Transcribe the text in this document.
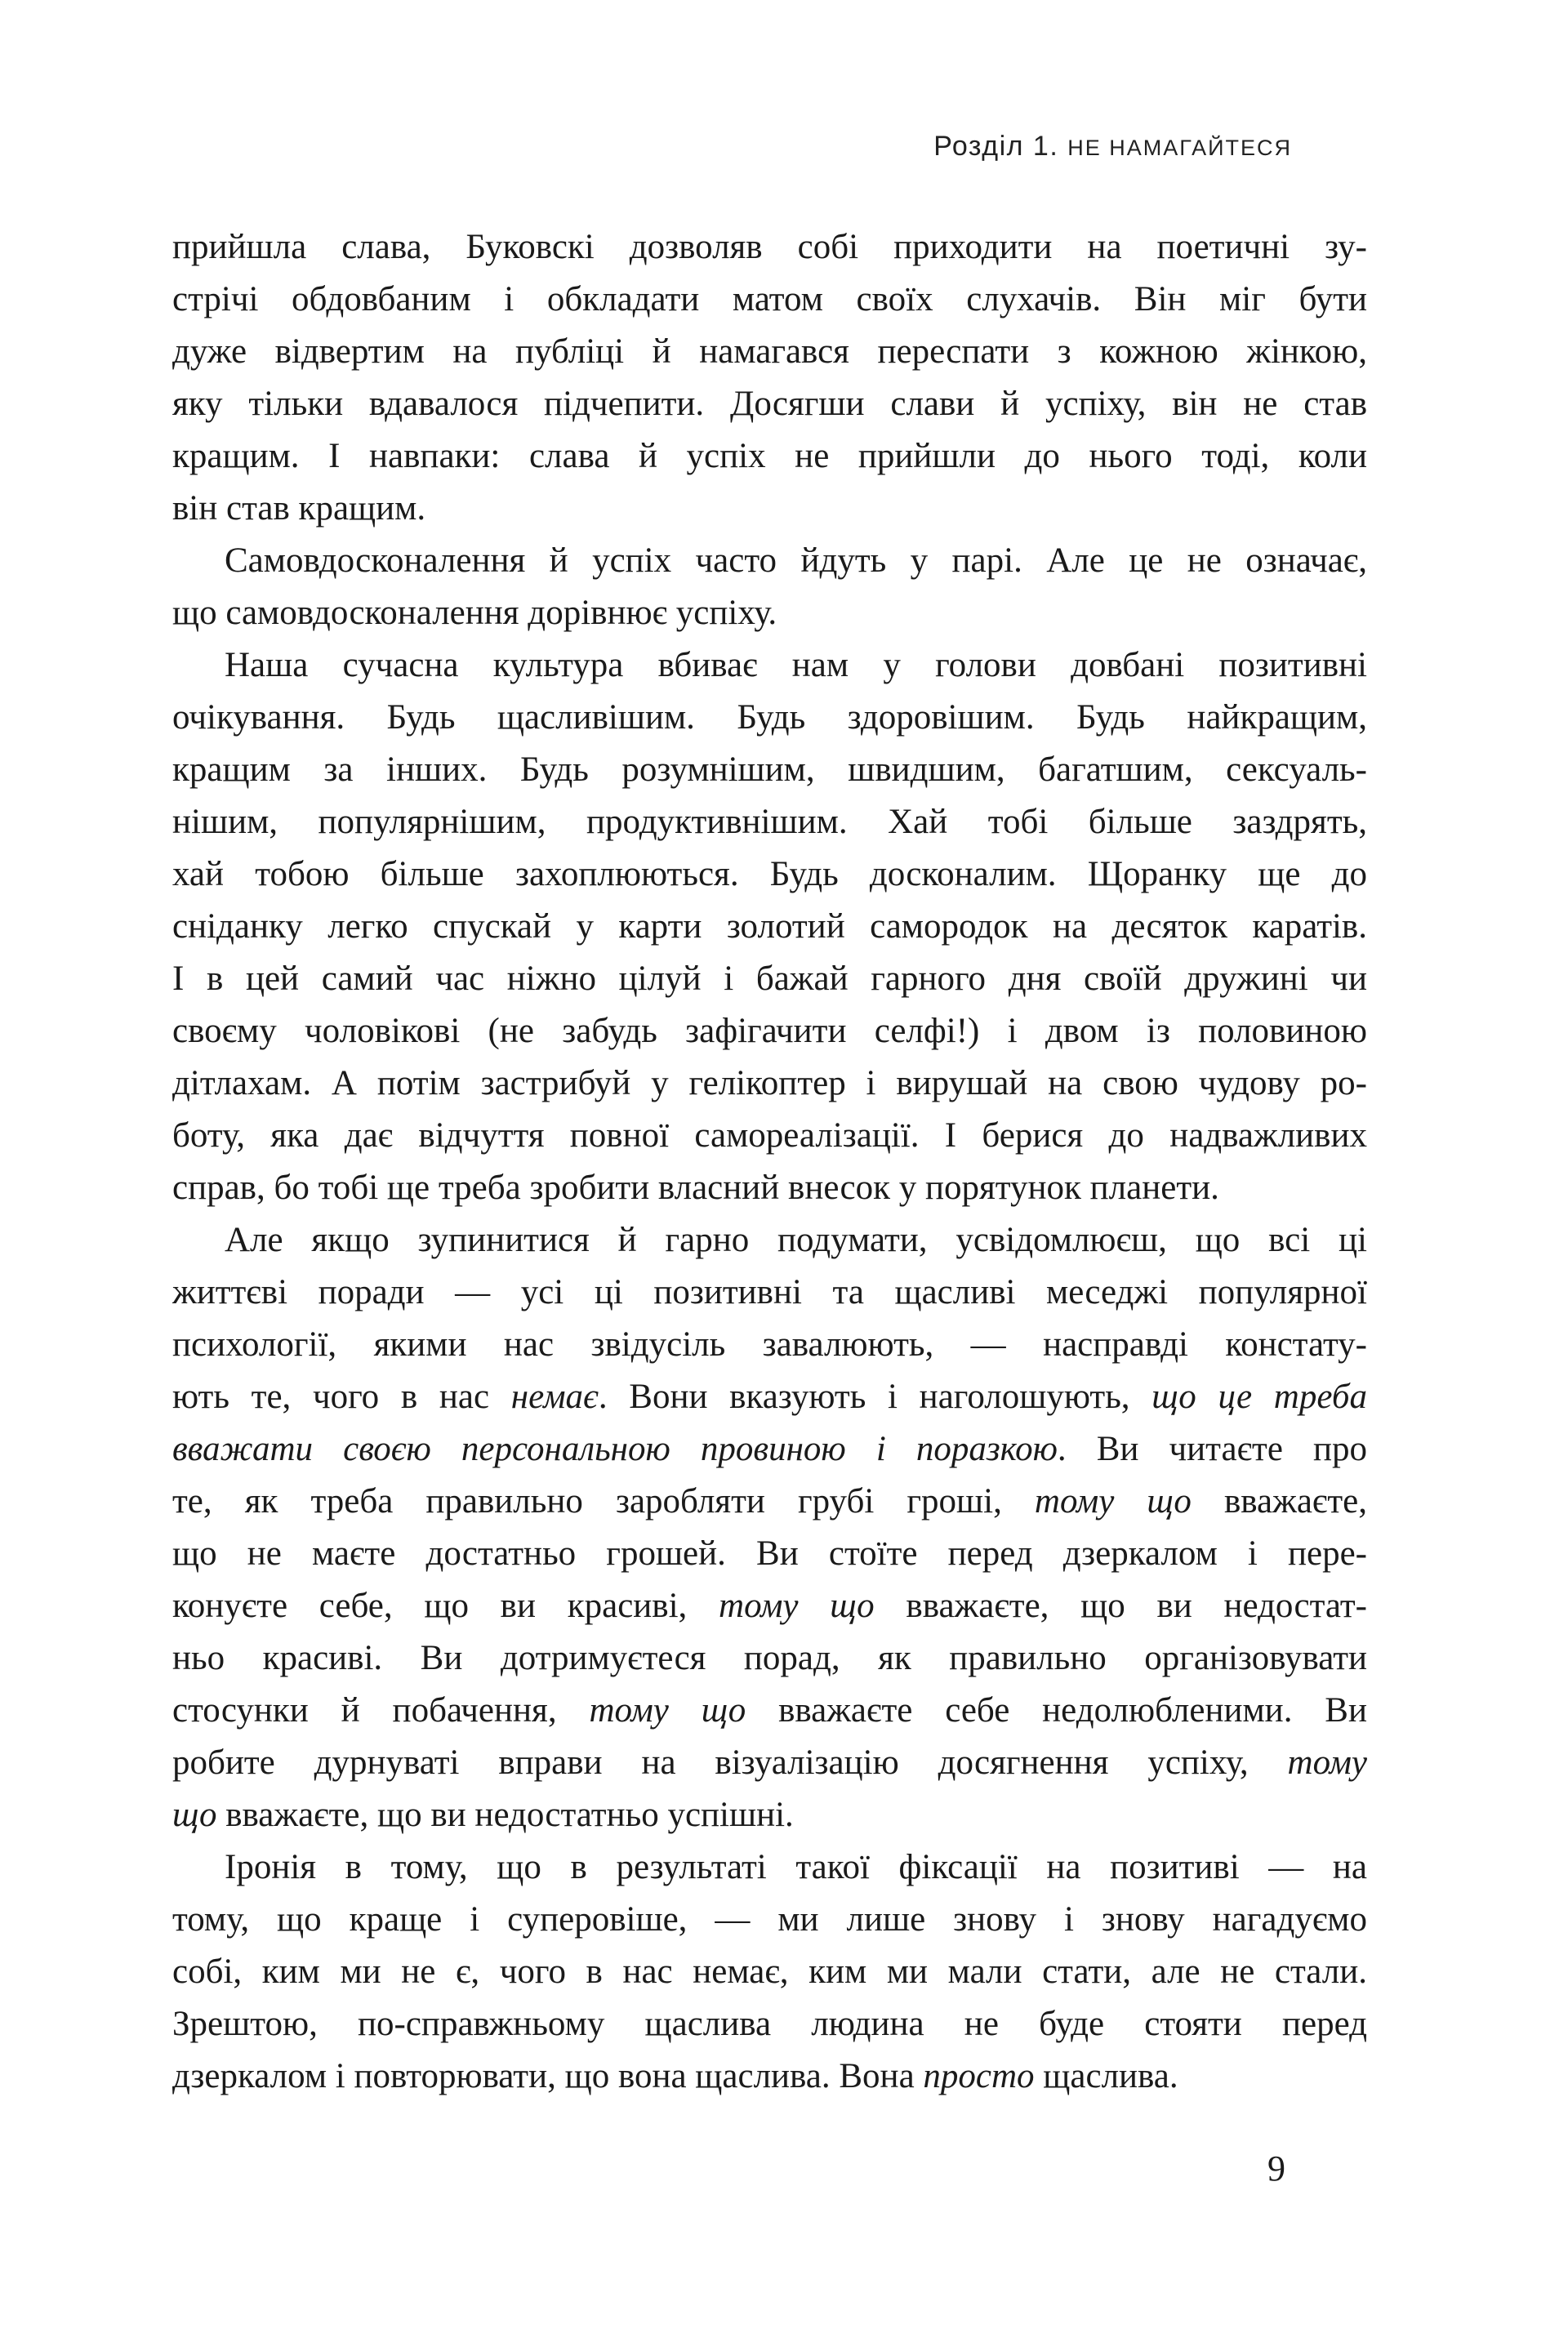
Розділ 1. НЕ НАМАГАЙТЕСЯ
прийшла слава, Буковскі дозволяв собі приходити на поетичні зу-
стрічі обдовбаним і обкладати матом своїх слухачів. Він міг бути
дуже відвертим на публіці й намагався переспати з кожною жінкою,
яку тільки вдавалося підчепити. Досягши слави й успіху, він не став
кращим. І навпаки: слава й успіх не прийшли до нього тоді, коли
він став кращим.
Самовдосконалення й успіх часто йдуть у парі. Але це не означає,
що самовдосконалення дорівнює успіху.
Наша сучасна культура вбиває нам у голови довбані позитивні
очікування. Будь щасливішим. Будь здоровішим. Будь найкращим,
кращим за інших. Будь розумнішим, швидшим, багатшим, сексуаль-
нішим, популярнішим, продуктивнішим. Хай тобі більше заздрять,
хай тобою більше захоплюються. Будь досконалим. Щоранку ще до
сніданку легко спускай у карти золотий самородок на десяток каратів.
І в цей самий час ніжно цілуй і бажай гарного дня своїй дружині чи
своєму чоловікові (не забудь зафігачити селфі!) і двом із половиною
дітлахам. А потім застрибуй у гелікоптер і вирушай на свою чудову ро-
боту, яка дає відчуття повної самореалізації. І берися до надважливих
справ, бо тобі ще треба зробити власний внесок у порятунок планети.
Але якщо зупинитися й гарно подумати, усвідомлюєш, що всі ці
життєві поради — усі ці позитивні та щасливі меседжі популярної
психології, якими нас звідусіль завалюють, — насправді констату-
ють те, чого в нас немає. Вони вказують і наголошують, що це треба
вважати своєю персональною провиною і поразкою. Ви читаєте про
те, як треба правильно заробляти грубі гроші, тому що вважаєте,
що не маєте достатньо грошей. Ви стоїте перед дзеркалом і пере-
конуєте себе, що ви красиві, тому що вважаєте, що ви недостат-
ньо красиві. Ви дотримуєтеся порад, як правильно організовувати
стосунки й побачення, тому що вважаєте себе недолюбленими. Ви
робите дурнуваті вправи на візуалізацію досягнення успіху, тому
що вважаєте, що ви недостатньо успішні.
Іронія в тому, що в результаті такої фіксації на позитиві — на
тому, що краще і суперовіше, — ми лише знову і знову нагадуємо
собі, ким ми не є, чого в нас немає, ким ми мали стати, але не стали.
Зрештою, по-справжньому щаслива людина не буде стояти перед
дзеркалом і повторювати, що вона щаслива. Вона просто щаслива.
9
